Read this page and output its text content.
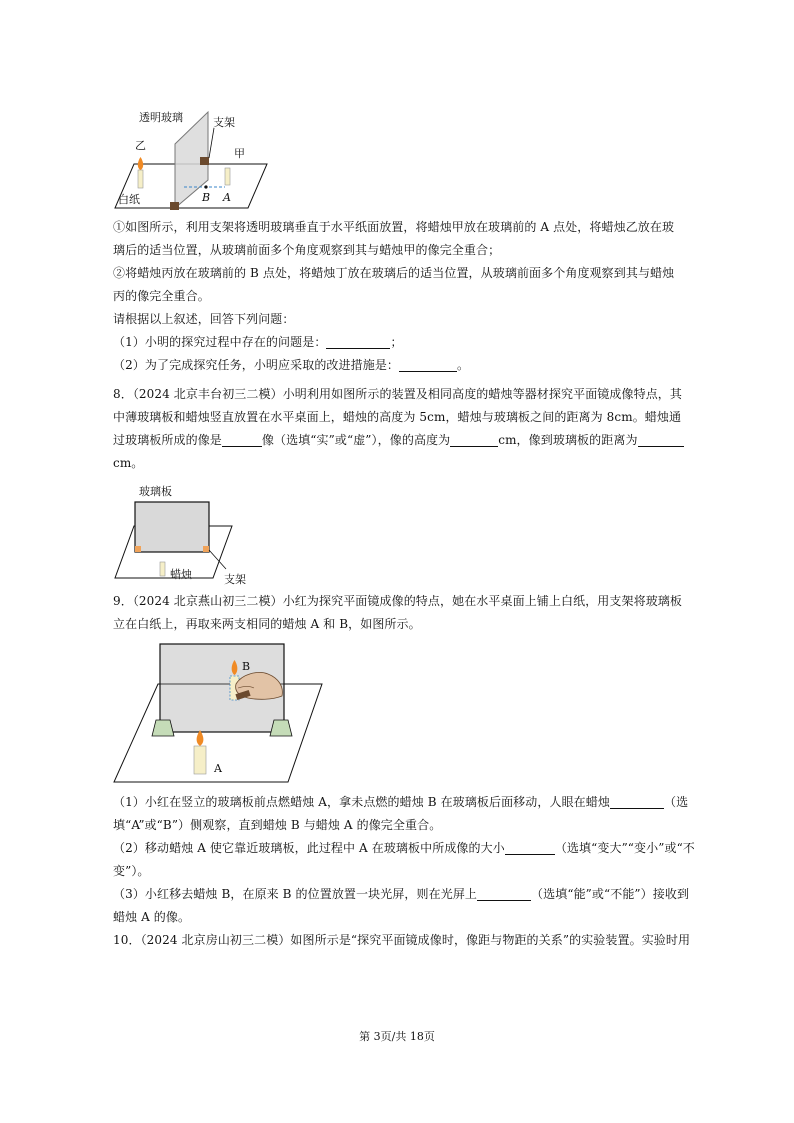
透明玻璃	支架
乙
甲
白纸	B A

①如图所示，利用支架将透明玻璃垂直于水平纸面放置，将蜡烛甲放在玻璃前的 A 点处，将蜡烛乙放在玻

璃后的适当位置，从玻璃前面多个角度观察到其与蜡烛甲的像完全重合；

②将蜡烛丙放在玻璃前的 B 点处，将蜡烛丁放在玻璃后的适当位置，从玻璃前面多个角度观察到其与蜡烛

丙的像完全重合。

请根据以上叙述，回答下列问题：

（1）小明的探究过程中存在的问题是：	；

（2）为了完成探究任务，小明应采取的改进措施是：	。

8．（2024 北京丰台初三二模）小明利用如图所示的装置及相同高度的蜡烛等器材探究平面镜成像特点，其

中薄玻璃板和蜡烛竖直放置在水平桌面上，蜡烛的高度为 5cm，蜡烛与玻璃板之间的距离为 8cm。蜡烛通

过玻璃板所成的像是	像（选填“实”或“虚”），像的高度为	cm，像到玻璃板的距离为

cm。

玻璃板
蜡烛	支架

9．（2024 北京燕山初三二模）小红为探究平面镜成像的特点，她在水平桌面上铺上白纸，用支架将玻璃板

立在白纸上，再取来两支相同的蜡烛 A 和 B，如图所示。

B
A

（1）小红在竖立的玻璃板前点燃蜡烛 A，拿未点燃的蜡烛 B 在玻璃板后面移动，人眼在蜡烛	（选

填“A”或“B”）侧观察，直到蜡烛 B 与蜡烛 A 的像完全重合。

（2）移动蜡烛 A 使它靠近玻璃板，此过程中 A 在玻璃板中所成像的大小	（选填“变大”“变小”或“不

变”）。

（3）小红移去蜡烛 B，在原来 B 的位置放置一块光屏，则在光屏上	（选填“能”或“不能”）接收到

蜡烛 A 的像。

10．（2024 北京房山初三二模）如图所示是“探究平面镜成像时，像距与物距的关系”的实验装置。实验时用

第 3页/共 18页
